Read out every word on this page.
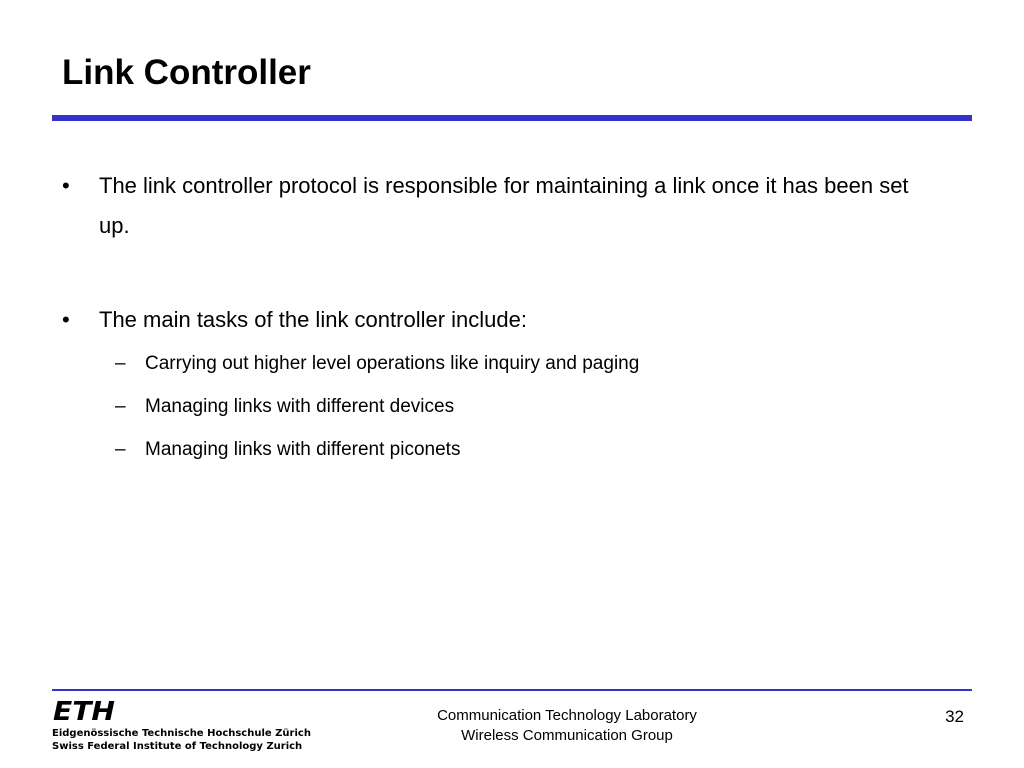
Link Controller
•	The link controller protocol is responsible for maintaining a link once it has been set up.
•	The main tasks of the link controller include:
– Carrying out higher level operations like inquiry and paging
– Managing links with different devices
– Managing links with different piconets
ETH
Eidgenössische Technische Hochschule Zürich
Swiss Federal Institute of Technology Zurich
Communication Technology Laboratory
Wireless Communication Group
32
